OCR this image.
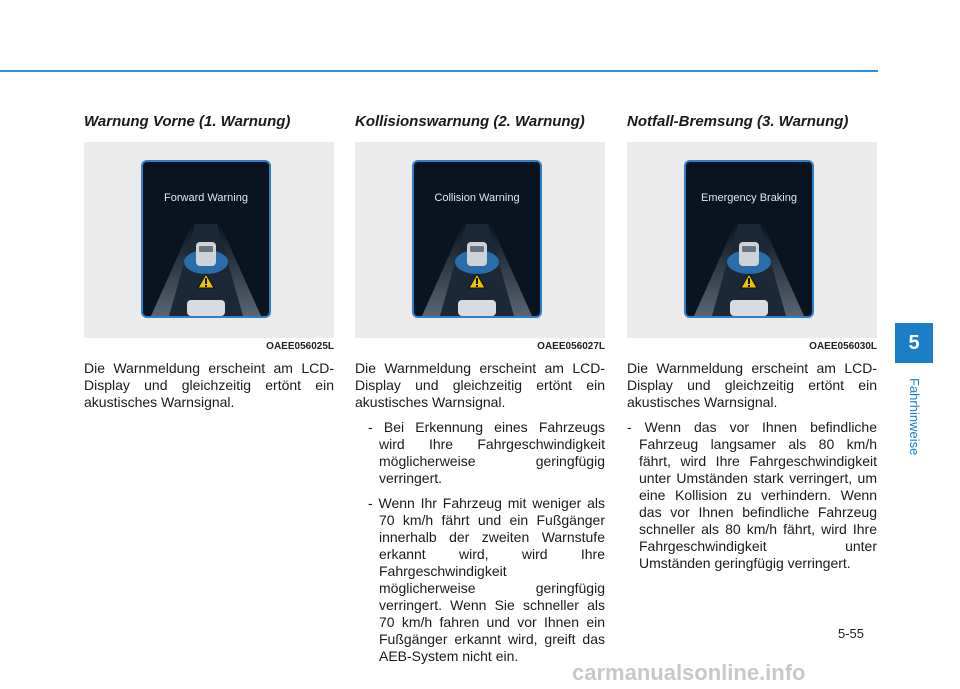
Warnung Vorne (1. Warnung)
Forward Warning
OAEE056025L

Die Warnmeldung erscheint am LCD-Display und gleichzeitig ertönt ein akustisches Warnsignal.

Kollisionswarnung (2. Warnung)
Collision Warning
OAEE056027L

Die Warnmeldung erscheint am LCD-Display und gleichzeitig ertönt ein akustisches Warnsignal.

- Bei Erkennung eines Fahrzeugs wird Ihre Fahrgeschwindigkeit möglicherweise geringfügig verringert.

- Wenn Ihr Fahrzeug mit weniger als 70 km/h fährt und ein Fußgänger innerhalb der zweiten Warnstufe erkannt wird, wird Ihre Fahrgeschwindigkeit möglicherweise geringfügig verringert. Wenn Sie schneller als 70 km/h fahren und vor Ihnen ein Fußgänger erkannt wird, greift das AEB-System nicht ein.

Notfall-Bremsung (3. Warnung)
Emergency Braking
OAEE056030L

Die Warnmeldung erscheint am LCD-Display und gleichzeitig ertönt ein akustisches Warnsignal.

- Wenn das vor Ihnen befindliche Fahrzeug langsamer als 80 km/h fährt, wird Ihre Fahrgeschwindigkeit unter Umständen stark verringert, um eine Kollision zu verhindern. Wenn das vor Ihnen befindliche Fahrzeug schneller als 80 km/h fährt, wird Ihre Fahrgeschwindigkeit unter Umständen geringfügig verringert.

5
Fahrhinweise
5-55
carmanualsonline.info
